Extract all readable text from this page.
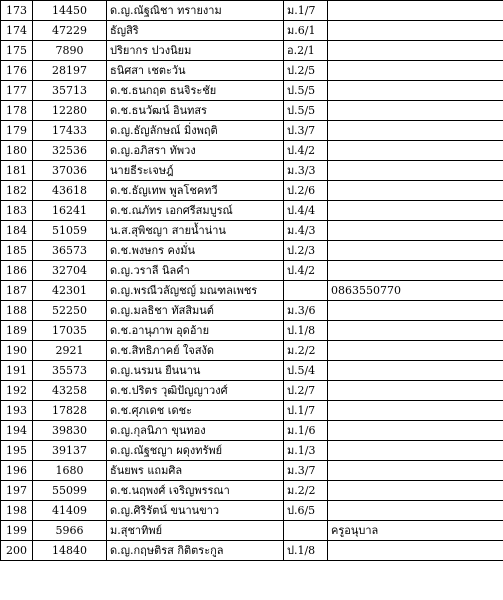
173	14450	ด.ญ.ณัฐณิชา ทรายงาม	ม.1/7	
174	47229	ธัญสิริ	ม.6/1	
175	7890	ปริยากร ปวงนิยม	อ.2/1	
176	28197	ธนิศสา เชตะวัน	ป.2/5	
177	35713	ด.ช.ธนกฤต ธนจิระชัย	ป.5/5	
178	12280	ด.ช.ธนวัฒน์ อินทสร	ป.5/5	
179	17433	ด.ญ.ธัญลักษณ์ มิ่งพฤติ	ป.3/7	
180	32536	ด.ญ.อภิสรา ทัพวง	ป.4/2	
181	37036	นายธีระเจษฎ์	ม.3/3	
182	43618	ด.ช.ธัญเทพ พูลโชคทวี	ป.2/6	
183	16241	ด.ช.ณภัทร เอกศรีสมบูรณ์	ป.4/4	
184	51059	น.ส.สุพิชญา สายน้ำน่าน	ม.4/3	
185	36573	ด.ช.พงษกร คงมั่น	ป.2/3	
186	32704	ด.ญ.วราลี นิลคำ	ป.4/2	
187	42301	ด.ญ.พรณีวลัญชญ์ มณฑลเพชร		0863550770
188	52250	ด.ญ.มลธิชา ทัสสิมนต์	ม.3/6	
189	17035	ด.ช.อานุภาพ อุดอ้าย	ป.1/8	
190	2921	ด.ช.สิทธิภาคย์ ใจสงัด	ม.2/2	
191	35573	ด.ญ.นรมน ยืนนาน	ป.5/4	
192	43258	ด.ช.ปริตร วุฒิปัญญาวงศ์	ป.2/7	
193	17828	ด.ช.ศุภเดช เดชะ	ป.1/7	
194	39830	ด.ญ.กุลนิภา ขุนทอง	ม.1/6	
195	39137	ด.ญ.ณัฐชญา ผดุงทรัพย์	ม.1/3	
196	1680	ธันยพร แถมศิล	ม.3/7	
197	55099	ด.ช.นฤพงศ์ เจริญพรรณา	ม.2/2	
198	41409	ด.ญ.ศิริรัตน์ ขนานขาว	ป.6/5	
199	5966	ม.สุชาทิพย์		ครูอนุบาล
200	14840	ด.ญ.กฤษติรส กิติตระกูล	ป.1/8	
